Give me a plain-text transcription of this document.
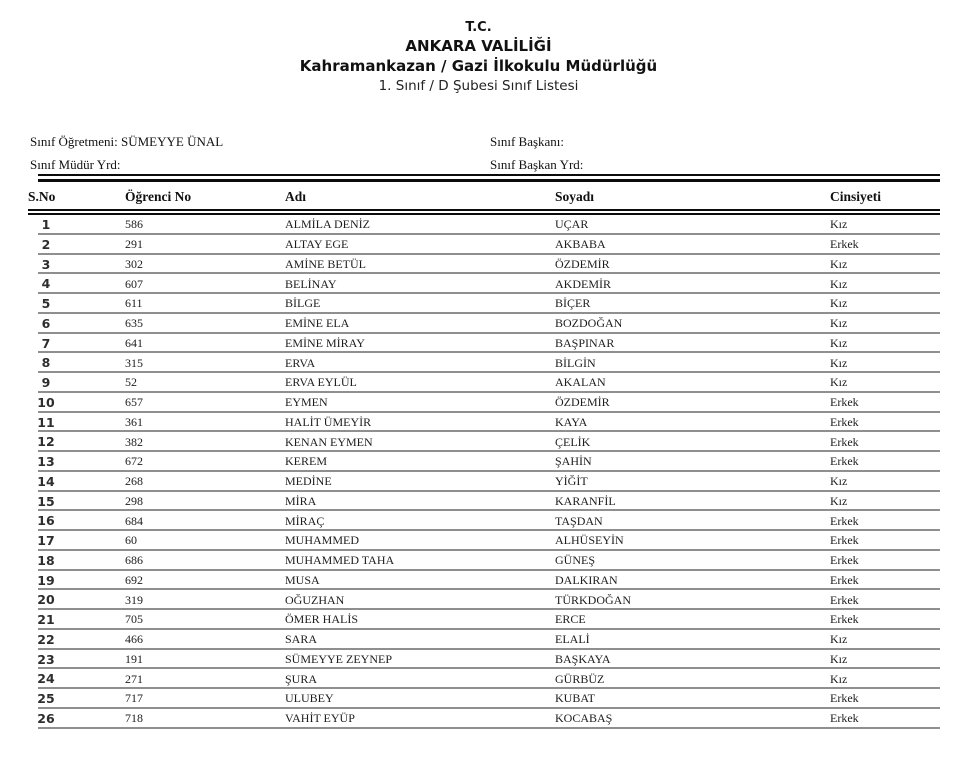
T.C.
ANKARA VALİLİĞİ
Kahramankazan / Gazi İlkokulu Müdürlüğü
1. Sınıf / D Şubesi Sınıf Listesi
Sınıf Öğretmeni: SÜMEYYE ÜNAL
Sınıf Müdür Yrd:
Sınıf Başkanı:
Sınıf Başkan Yrd:
S.No	Öğrenci No	Adı	Soyadı	Cinsiyeti
1	586	ALMİLA DENİZ	UÇAR	Kız
2	291	ALTAY EGE	AKBABA	Erkek
3	302	AMİNE BETÜL	ÖZDEMİR	Kız
4	607	BELİNAY	AKDEMİR	Kız
5	611	BİLGE	BİÇER	Kız
6	635	EMİNE ELA	BOZDOĞAN	Kız
7	641	EMİNE MİRAY	BAŞPINAR	Kız
8	315	ERVA	BİLGİN	Kız
9	52	ERVA EYLÜL	AKALAN	Kız
10	657	EYMEN	ÖZDEMİR	Erkek
11	361	HALİT ÜMEYİR	KAYA	Erkek
12	382	KENAN EYMEN	ÇELİK	Erkek
13	672	KEREM	ŞAHİN	Erkek
14	268	MEDİNE	YİĞİT	Kız
15	298	MİRA	KARANFİL	Kız
16	684	MİRAÇ	TAŞDAN	Erkek
17	60	MUHAMMED	ALHÜSEYİN	Erkek
18	686	MUHAMMED TAHA	GÜNEŞ	Erkek
19	692	MUSA	DALKIRAN	Erkek
20	319	OĞUZHAN	TÜRKDOĞAN	Erkek
21	705	ÖMER HALİS	ERCE	Erkek
22	466	SARA	ELALİ	Kız
23	191	SÜMEYYE ZEYNEP	BAŞKAYA	Kız
24	271	ŞURA	GÜRBÜZ	Kız
25	717	ULUBEY	KUBAT	Erkek
26	718	VAHİT EYÜP	KOCABAŞ	Erkek
